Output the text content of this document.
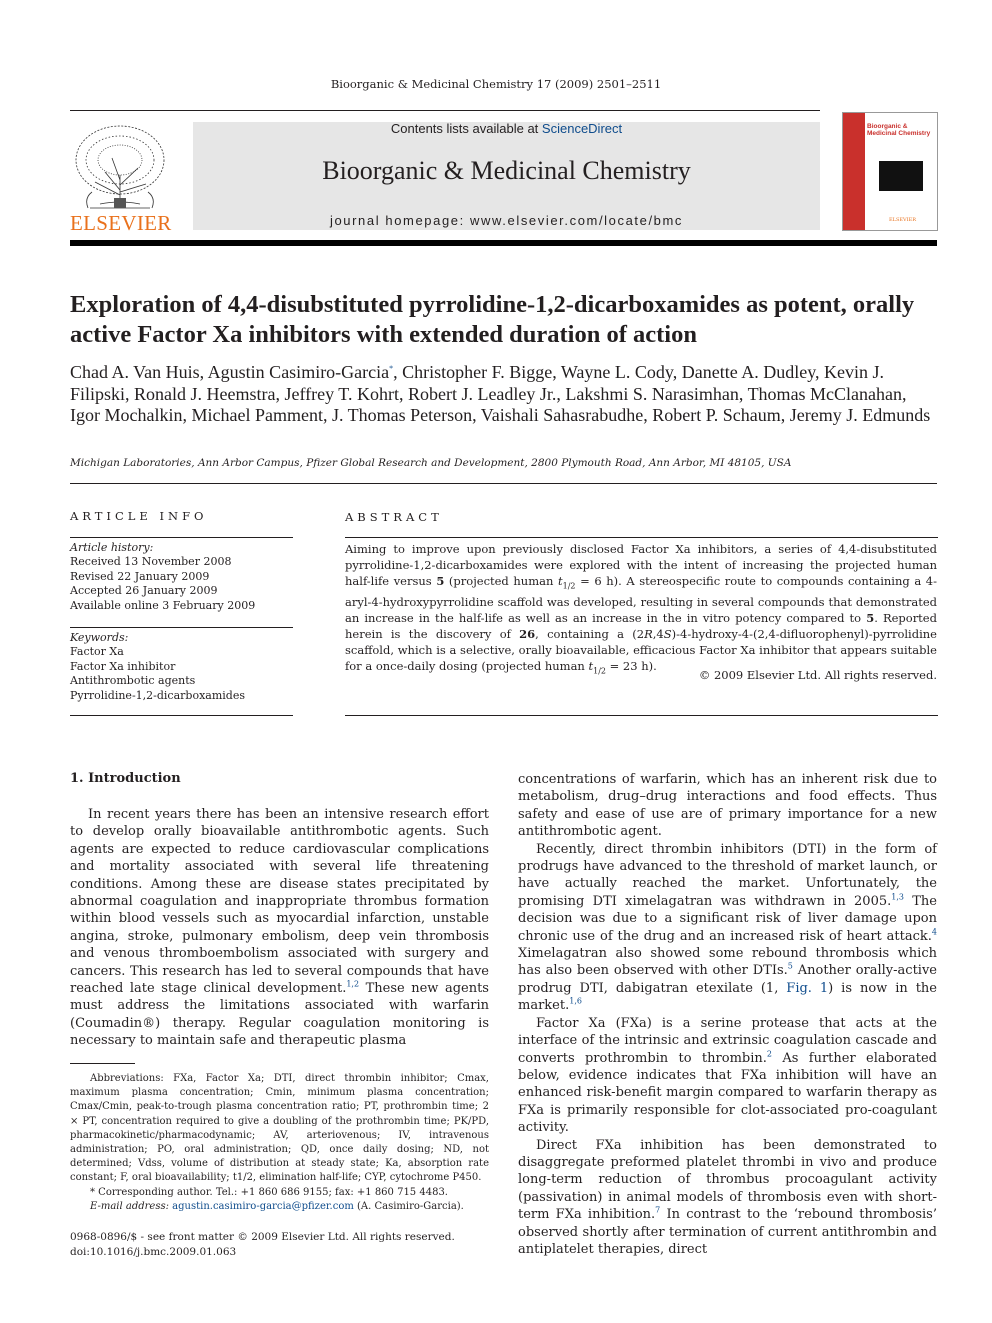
Bioorganic & Medicinal Chemistry 17 (2009) 2501–2511
ELSEVIER
Contents lists available at ScienceDirect
Bioorganic & Medicinal Chemistry
journal homepage: www.elsevier.com/locate/bmc
Bioorganic & Medicinal Chemistry
ELSEVIER
Exploration of 4,4-disubstituted pyrrolidine-1,2-dicarboxamides as potent, orally active Factor Xa inhibitors with extended duration of action
Chad A. Van Huis, Agustin Casimiro-Garcia*, Christopher F. Bigge, Wayne L. Cody, Danette A. Dudley, Kevin J. Filipski, Ronald J. Heemstra, Jeffrey T. Kohrt, Robert J. Leadley Jr., Lakshmi S. Narasimhan, Thomas McClanahan, Igor Mochalkin, Michael Pamment, J. Thomas Peterson, Vaishali Sahasrabudhe, Robert P. Schaum, Jeremy J. Edmunds
Michigan Laboratories, Ann Arbor Campus, Pfizer Global Research and Development, 2800 Plymouth Road, Ann Arbor, MI 48105, USA
ARTICLE INFO	ABSTRACT
Article history:
Received 13 November 2008
Revised 22 January 2009
Accepted 26 January 2009
Available online 3 February 2009
Keywords:
Factor Xa
Factor Xa inhibitor
Antithrombotic agents
Pyrrolidine-1,2-dicarboxamides
Aiming to improve upon previously disclosed Factor Xa inhibitors, a series of 4,4-disubstituted pyrrolidine-1,2-dicarboxamides were explored with the intent of increasing the projected human half-life versus 5 (projected human $t_{1/2} = 6$ h). A stereospecific route to compounds containing a 4-aryl-4-hydroxypyrrolidine scaffold was developed, resulting in several compounds that demonstrated an increase in the half-life as well as an increase in the in vitro potency compared to 5. Reported herein is the discovery of 26, containing a (2R,4S)-4-hydroxy-4-(2,4-difluorophenyl)-pyrrolidine scaffold, which is a selective, orally bioavailable, efficacious Factor Xa inhibitor that appears suitable for a once-daily dosing (projected human $t_{1/2} = 23$ h).
© 2009 Elsevier Ltd. All rights reserved.
1. Introduction

In recent years there has been an intensive research effort to develop orally bioavailable antithrombotic agents. Such agents are expected to reduce cardiovascular complications and mortality associated with several life threatening conditions. Among these are disease states precipitated by abnormal coagulation and inappropriate thrombus formation within blood vessels such as myocardial infarction, unstable angina, stroke, pulmonary embolism, deep vein thrombosis and venous thromboembolism associated with surgery and cancers. This research has led to several compounds that have reached late stage clinical development.$^{1,2}$ These new agents must address the limitations associated with warfarin (Coumadin®) therapy. Regular coagulation monitoring is necessary to maintain safe and therapeutic plasma

concentrations of warfarin, which has an inherent risk due to metabolism, drug–drug interactions and food effects. Thus safety and ease of use are of primary importance for a new antithrombotic agent.

Recently, direct thrombin inhibitors (DTI) in the form of prodrugs have advanced to the threshold of market launch, or have actually reached the market. Unfortunately, the promising DTI ximelagatran was withdrawn in 2005.$^{1,3}$ The decision was due to a significant risk of liver damage upon chronic use of the drug and an increased risk of heart attack.$^4$ Ximelagatran also showed some rebound thrombosis which has also been observed with other DTIs.$^5$ Another orally-active prodrug DTI, dabigatran etexilate (1, Fig. 1) is now in the market.$^{1,6}$

Factor Xa (FXa) is a serine protease that acts at the interface of the intrinsic and extrinsic coagulation cascade and converts prothrombin to thrombin.$^2$ As further elaborated below, evidence indicates that FXa inhibition will have an enhanced risk-benefit margin compared to warfarin therapy as FXa is primarily responsible for clot-associated pro-coagulant activity.

Direct FXa inhibition has been demonstrated to disaggregate preformed platelet thrombi in vivo and produce long-term reduction of thrombus procoagulant activity (passivation) in animal models of thrombosis even with short-term FXa inhibition.$^7$ In contrast to the ‘rebound thrombosis’ observed shortly after termination of current antithrombin and antiplatelet therapies, direct

Abbreviations: FXa, Factor Xa; DTI, direct thrombin inhibitor; Cmax, maximum plasma concentration; Cmin, minimum plasma concentration; Cmax/Cmin, peak-to-trough plasma concentration ratio; PT, prothrombin time; 2 × PT, concentration required to give a doubling of the prothrombin time; PK/PD, pharmacokinetic/pharmacodynamic; AV, arteriovenous; IV, intravenous administration; PO, oral administration; QD, once daily dosing; ND, not determined; Vdss, volume of distribution at steady state; Ka, absorption rate constant; F, oral bioavailability; t1/2, elimination half-life; CYP, cytochrome P450.

* Corresponding author. Tel.: +1 860 686 9155; fax: +1 860 715 4483.

E-mail address: agustin.casimiro-garcia@pfizer.com (A. Casimiro-Garcia).

0968-0896/$ - see front matter © 2009 Elsevier Ltd. All rights reserved.
doi:10.1016/j.bmc.2009.01.063
